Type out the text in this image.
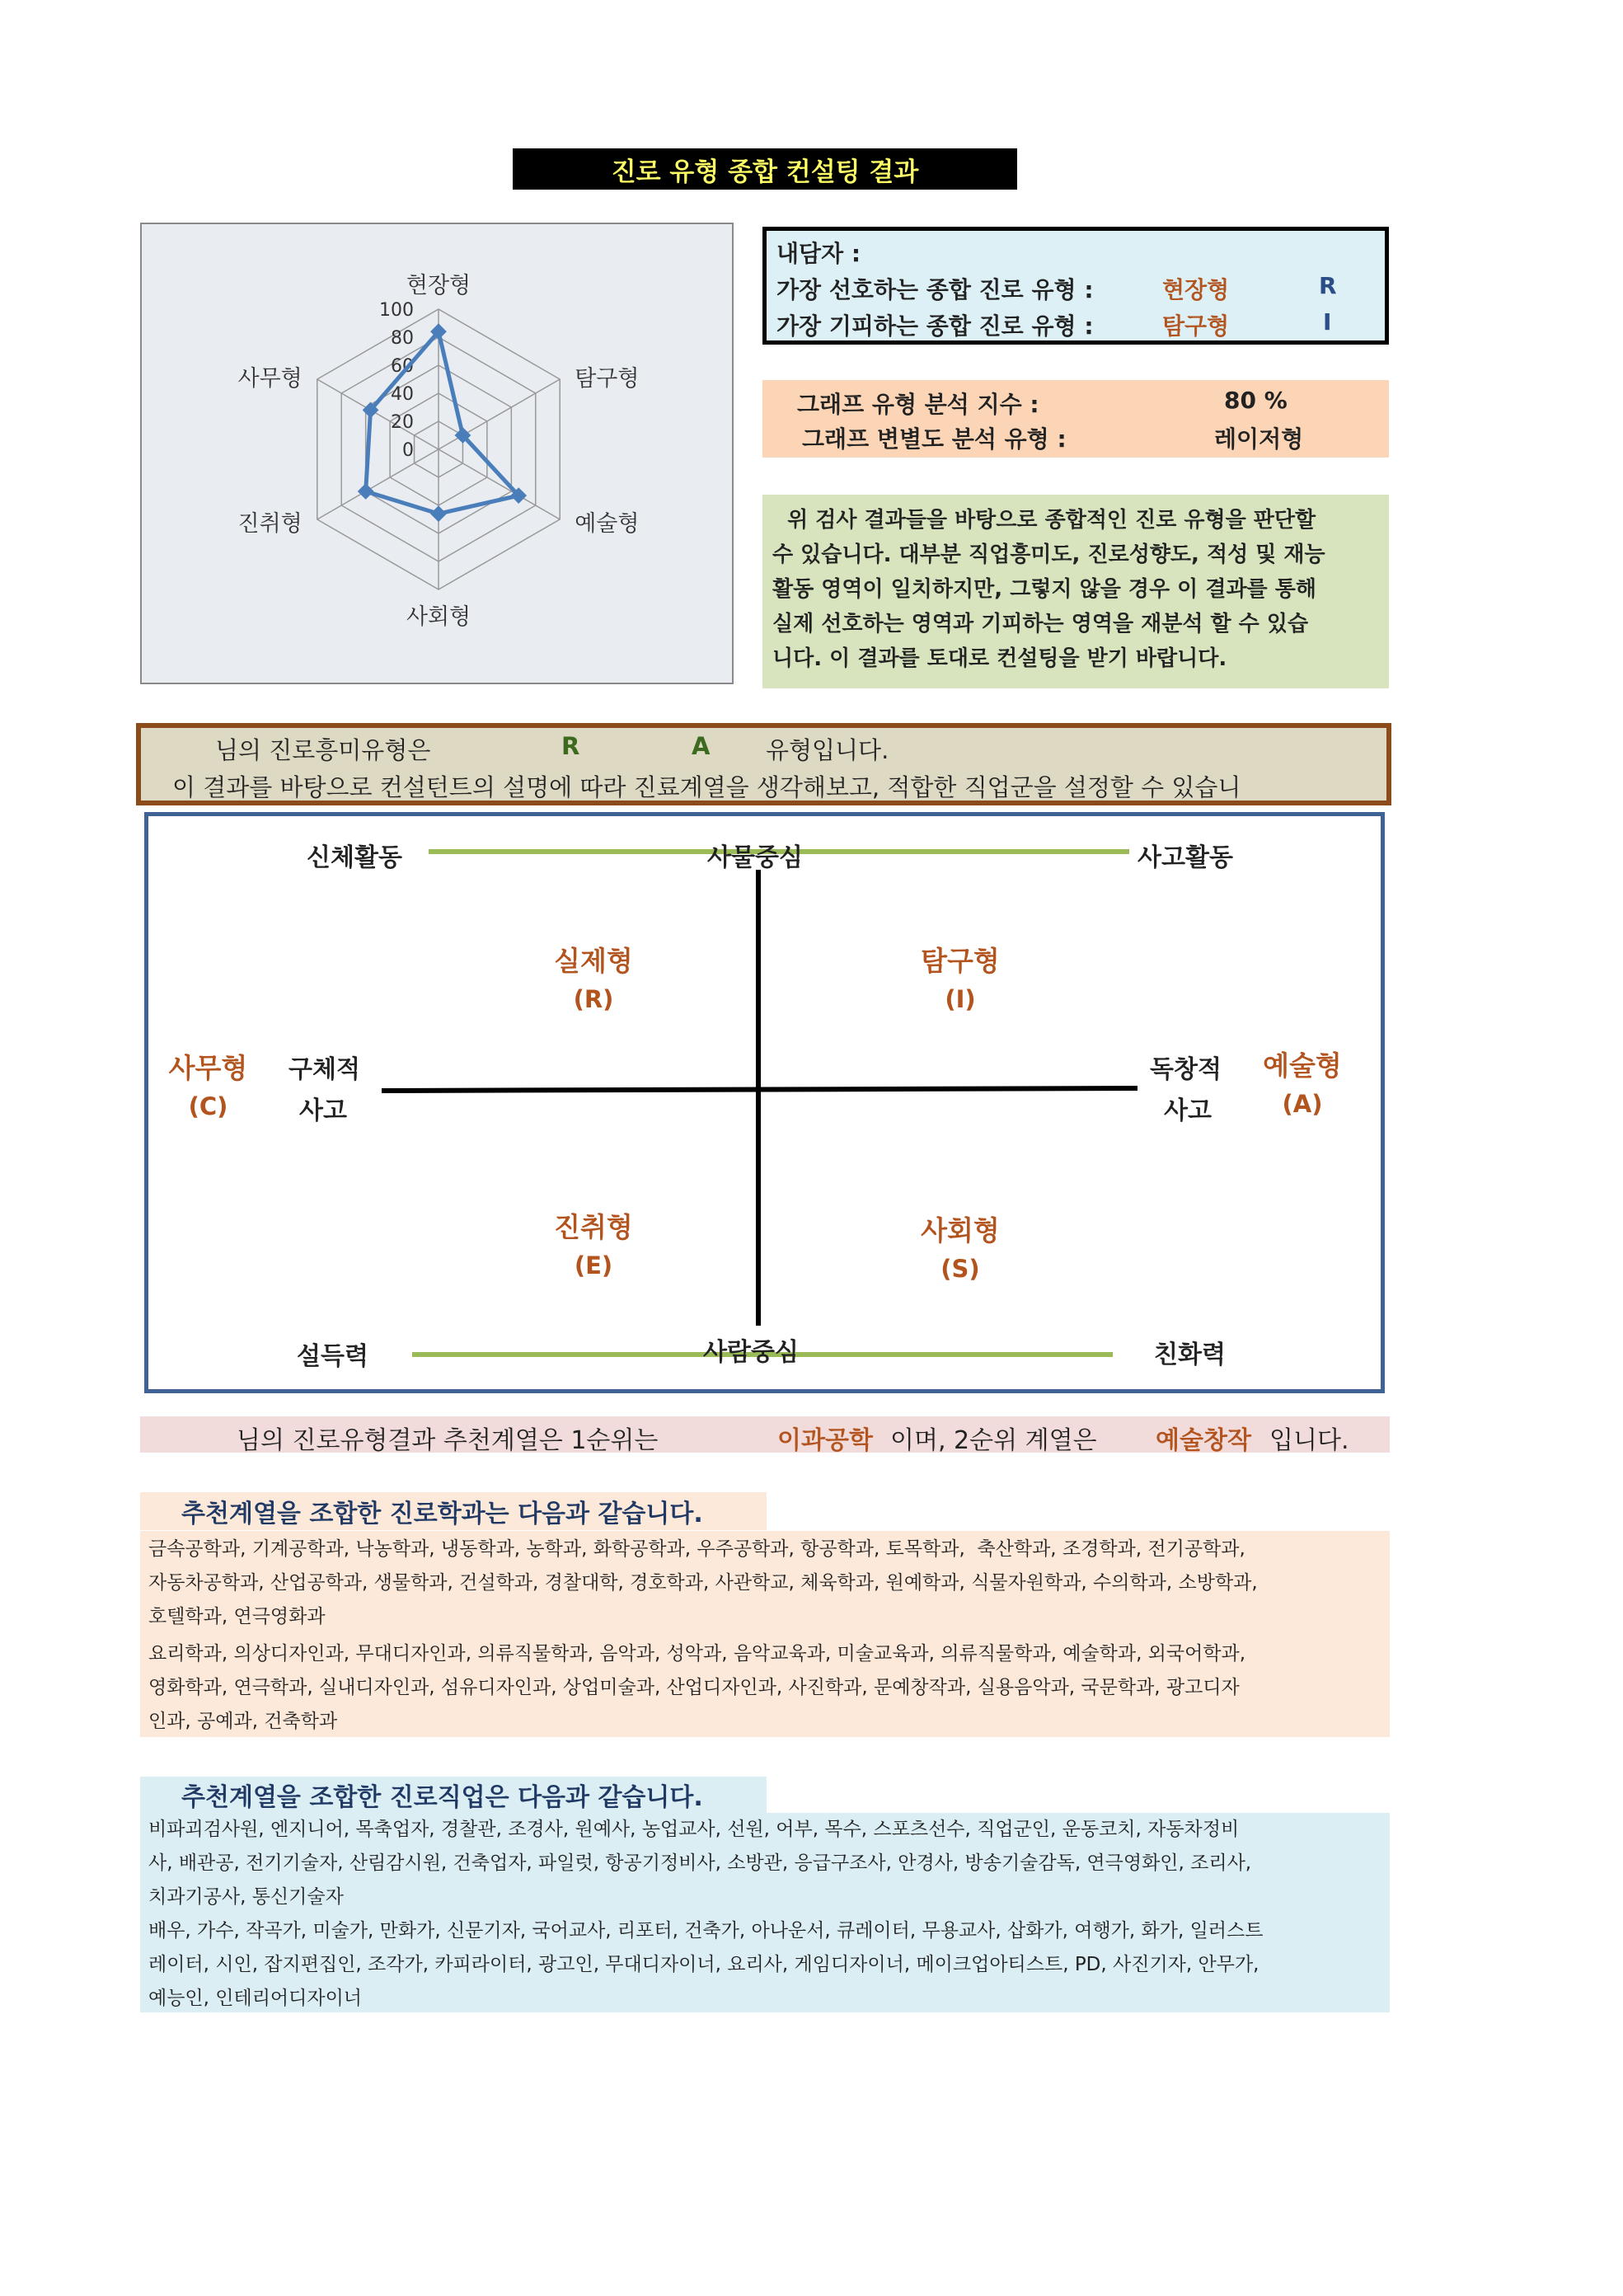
진로 유형 종합 컨설팅 결과
0
20
40
60
80
100
현장형
탐구형
예술형
사회형
진취형
사무형
내담자 :
가장 선호하는 종합 진로 유형 :	현장형	R
가장 기피하는 종합 진로 유형 :	탐구형	I
그래프 유형 분석 지수 :	80 %
그래프 변별도 분석 유형 :	레이저형
위 검사 결과들을 바탕으로 종합적인 진로 유형을 판단할
수 있습니다. 대부분 직업흥미도, 진로성향도, 적성 및 재능
활동 영역이 일치하지만, 그렇지 않을 경우 이 결과를 통해
실제 선호하는 영역과 기피하는 영역을 재분석 할 수 있습
니다. 이 결과를 토대로 컨설팅을 받기 바랍니다.
님의 진로흥미유형은	R	A 유형입니다.
이 결과를 바탕으로 컨설턴트의 설명에 따라 진료계열을 생각해보고, 적합한 직업군을 설정할 수 있습니
신체활동	사물중심	사고활동
구체적
사고
독창적
사고
설득력	사람중심	친화력
실제형
(R)
탐구형
(I)
사무형
(C)
예술형
(A)
진취형
(E)
사회형
(S)
님의 진로유형결과 추천계열은 1순위는	이과공학 이며, 2순위 계열은 예술창작 입니다.
추천계열을 조합한 진로학과는 다음과 같습니다.
금속공학과, 기계공학과, 낙농학과, 냉동학과, 농학과, 화학공학과, 우주공학과, 항공학과, 토목학과,  축산학과, 조경학과, 전기공학과,
자동차공학과, 산업공학과, 생물학과, 건설학과, 경찰대학, 경호학과, 사관학교, 체육학과, 원예학과, 식물자원학과, 수의학과, 소방학과,
호텔학과, 연극영화과
요리학과, 의상디자인과, 무대디자인과, 의류직물학과, 음악과, 성악과, 음악교육과, 미술교육과, 의류직물학과, 예술학과, 외국어학과,
영화학과, 연극학과, 실내디자인과, 섬유디자인과, 상업미술과, 산업디자인과, 사진학과, 문예창작과, 실용음악과, 국문학과, 광고디자
인과, 공예과, 건축학과
추천계열을 조합한 진로직업은 다음과 같습니다.
비파괴검사원, 엔지니어, 목축업자, 경찰관, 조경사, 원예사, 농업교사, 선원, 어부, 목수, 스포츠선수, 직업군인, 운동코치, 자동차정비
사, 배관공, 전기기술자, 산림감시원, 건축업자, 파일럿, 항공기정비사, 소방관, 응급구조사, 안경사, 방송기술감독, 연극영화인, 조리사,
치과기공사, 통신기술자
배우, 가수, 작곡가, 미술가, 만화가, 신문기자, 국어교사, 리포터, 건축가, 아나운서, 큐레이터, 무용교사, 삽화가, 여행가, 화가, 일러스트
레이터, 시인, 잡지편집인, 조각가, 카피라이터, 광고인, 무대디자이너, 요리사, 게임디자이너, 메이크업아티스트, PD, 사진기자, 안무가,
예능인, 인테리어디자이너
